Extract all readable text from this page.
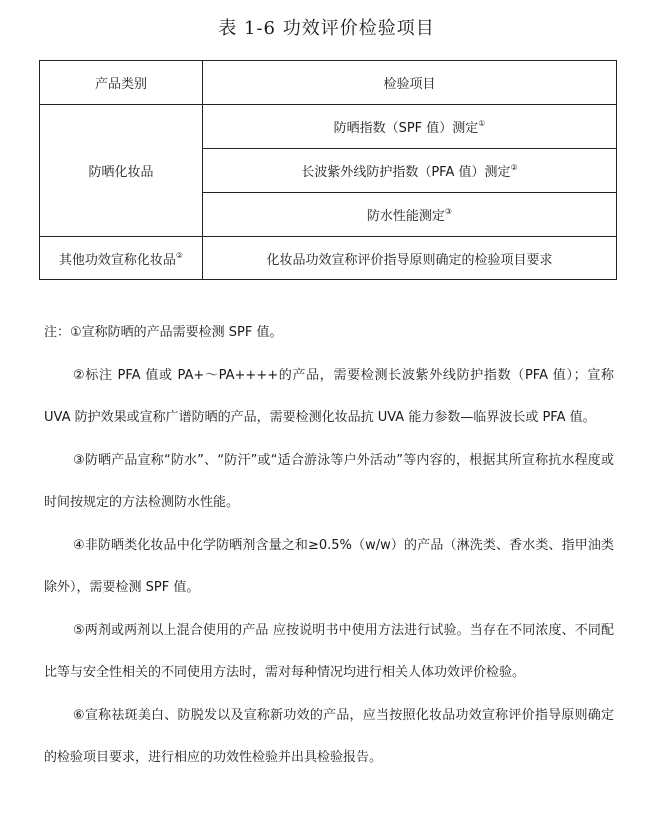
表 1-6 功效评价检验项目
产品类别	检验项目
防晒化妆品	防晒指数（SPF 值）测定①
	长波紫外线防护指数（PFA 值）测定②
	防水性能测定③
其他功效宣称化妆品②	化妆品功效宣称评价指导原则确定的检验项目要求

注：①宣称防晒的产品需要检测 SPF 值。

②标注 PFA 值或 PA+～PA++++的产品，需要检测长波紫外线防护指数（PFA 值）；宣称 UVA 防护效果或宣称广谱防晒的产品，需要检测化妆品抗 UVA 能力参数—临界波长或 PFA 值。

③防晒产品宣称“防水”、“防汗”或“适合游泳等户外活动”等内容的，根据其所宣称抗水程度或时间按规定的方法检测防水性能。

④非防晒类化妆品中化学防晒剂含量之和≥0.5%（w/w）的产品（淋洗类、香水类、指甲油类除外），需要检测 SPF 值。

⑤两剂或两剂以上混合使用的产品 应按说明书中使用方法进行试验。当存在不同浓度、不同配比等与安全性相关的不同使用方法时，需对每种情况均进行相关人体功效评价检验。

⑥宣称祛斑美白、防脱发以及宣称新功效的产品，应当按照化妆品功效宣称评价指导原则确定的检验项目要求，进行相应的功效性检验并出具检验报告。
